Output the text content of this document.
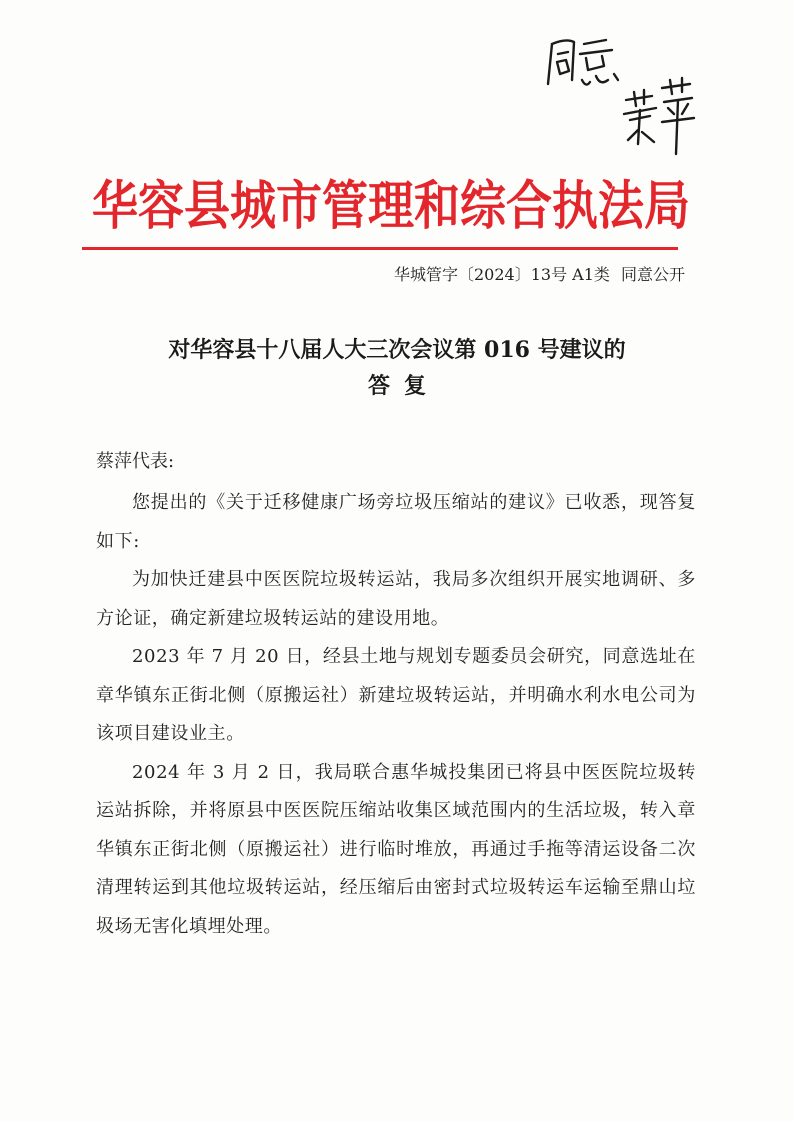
华容县城市管理和综合执法局
华城管字〔2024〕13号 A1类 同意公开
对华容县十八届人大三次会议第 016 号建议的
答复
蔡萍代表:

您提出的《关于迁移健康广场旁垃圾压缩站的建议》已收悉，现答复如下:

为加快迁建县中医医院垃圾转运站，我局多次组织开展实地调研、多方论证，确定新建垃圾转运站的建设用地。

2023 年 7 月 20 日，经县土地与规划专题委员会研究，同意选址在章华镇东正街北侧（原搬运社）新建垃圾转运站，并明确水利水电公司为该项目建设业主。

2024 年 3 月 2 日，我局联合惠华城投集团已将县中医医院垃圾转运站拆除，并将原县中医医院压缩站收集区域范围内的生活垃圾，转入章华镇东正街北侧（原搬运社）进行临时堆放，再通过手拖等清运设备二次清理转运到其他垃圾转运站，经压缩后由密封式垃圾转运车运输至鼎山垃圾场无害化填埋处理。
